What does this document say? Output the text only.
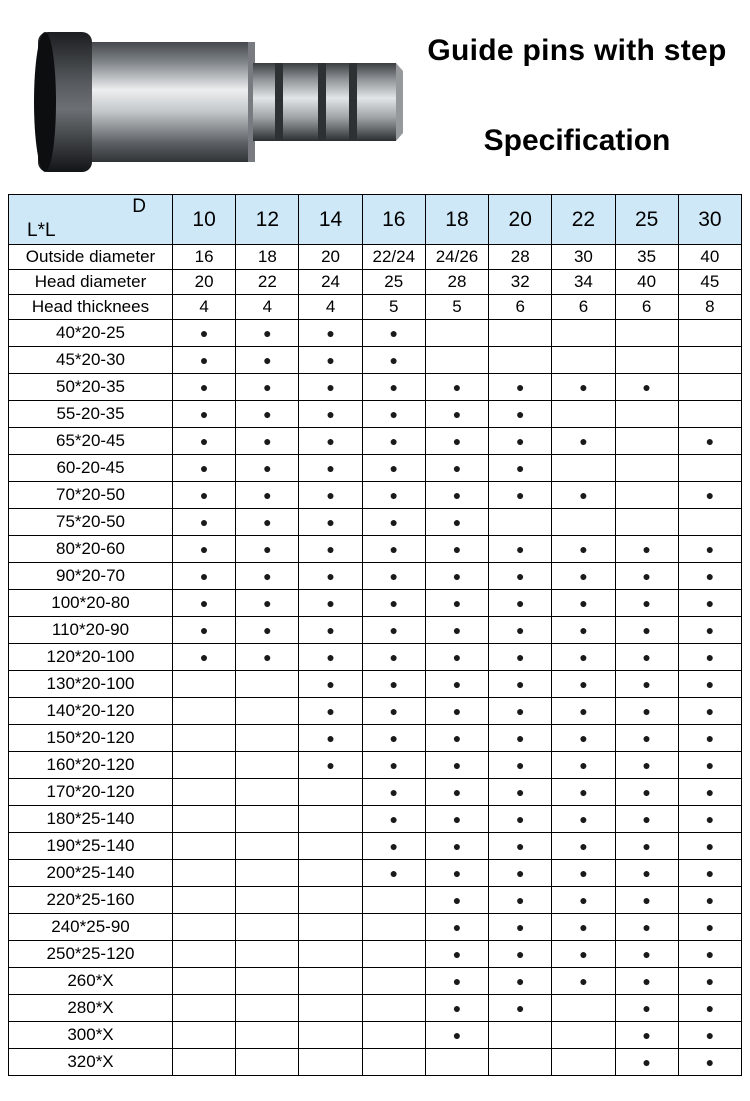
Guide pins with step
Specification
D
L*L	10	12	14	16	18	20	22	25	30
Outside diameter	16	18	20	22/24	24/26	28	30	35	40
Head diameter	20	22	24	25	28	32	34	40	45
Head thicknees	4	4	4	5	5	6	6	6	8
40*20-25	●	●	●	●					
45*20-30	●	●	●	●					
50*20-35	●	●	●	●	●	●	●	●	
55-20-35	●	●	●	●	●	●			
65*20-45	●	●	●	●	●	●	●		●
60-20-45	●	●	●	●	●	●			
70*20-50	●	●	●	●	●	●	●		●
75*20-50	●	●	●	●	●				
80*20-60	●	●	●	●	●	●	●	●	●
90*20-70	●	●	●	●	●	●	●	●	●
100*20-80	●	●	●	●	●	●	●	●	●
110*20-90	●	●	●	●	●	●	●	●	●
120*20-100	●	●	●	●	●	●	●	●	●
130*20-100			●	●	●	●	●	●	●
140*20-120			●	●	●	●	●	●	●
150*20-120			●	●	●	●	●	●	●
160*20-120			●	●	●	●	●	●	●
170*20-120				●	●	●	●	●	●
180*25-140				●	●	●	●	●	●
190*25-140				●	●	●	●	●	●
200*25-140				●	●	●	●	●	●
220*25-160					●	●	●	●	●
240*25-90					●	●	●	●	●
250*25-120					●	●	●	●	●
260*X					●	●	●	●	●
280*X					●	●		●	●
300*X					●			●	●
320*X								●	●
